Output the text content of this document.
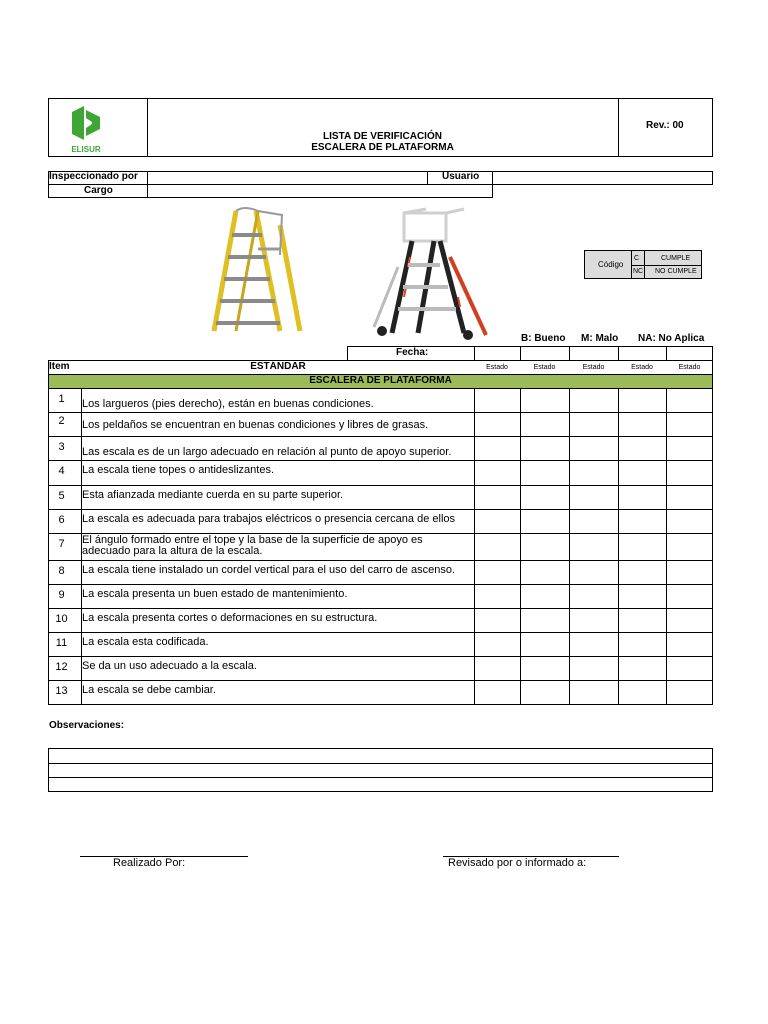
ELISUR
LISTA DE VERIFICACIÓN
ESCALERA DE PLATAFORMA
Rev.: 00
Inspeccionado por	Usuario
Cargo
Código
C	CUMPLE
NC NO CUMPLE
B: Bueno M: Malo NA: No Aplica
Fecha:
Item	ESTÁNDAR	Estado	Estado	Estado	Estado	Estado
ESCALERA DE PLATAFORMA
1	Los largueros (pies derecho), están en buenas condiciones.
2	Los peldaños se encuentran en buenas condiciones y libres de grasas.
3	Las escala es de un largo adecuado en relación al punto de apoyo superior.
4	La escala tiene topes o antideslizantes.
5	Esta afianzada mediante cuerda en su parte superior.
6	La escala es adecuada para trabajos eléctricos o presencia cercana de ellos
7	El ángulo formado entre el tope y la base de la superficie de apoyo es adecuado para la altura de la escala.
8	La escala tiene instalado un cordel vertical para el uso del carro de ascenso.
9	La escala presenta un buen estado de mantenimiento.
10	La escala presenta cortes o deformaciones en su estructura.
11	La escala esta codificada.
12	Se da un uso adecuado a la escala.
13	La escala se debe cambiar.
Observaciones:
Realizado Por:	Revisado por o informado a:
